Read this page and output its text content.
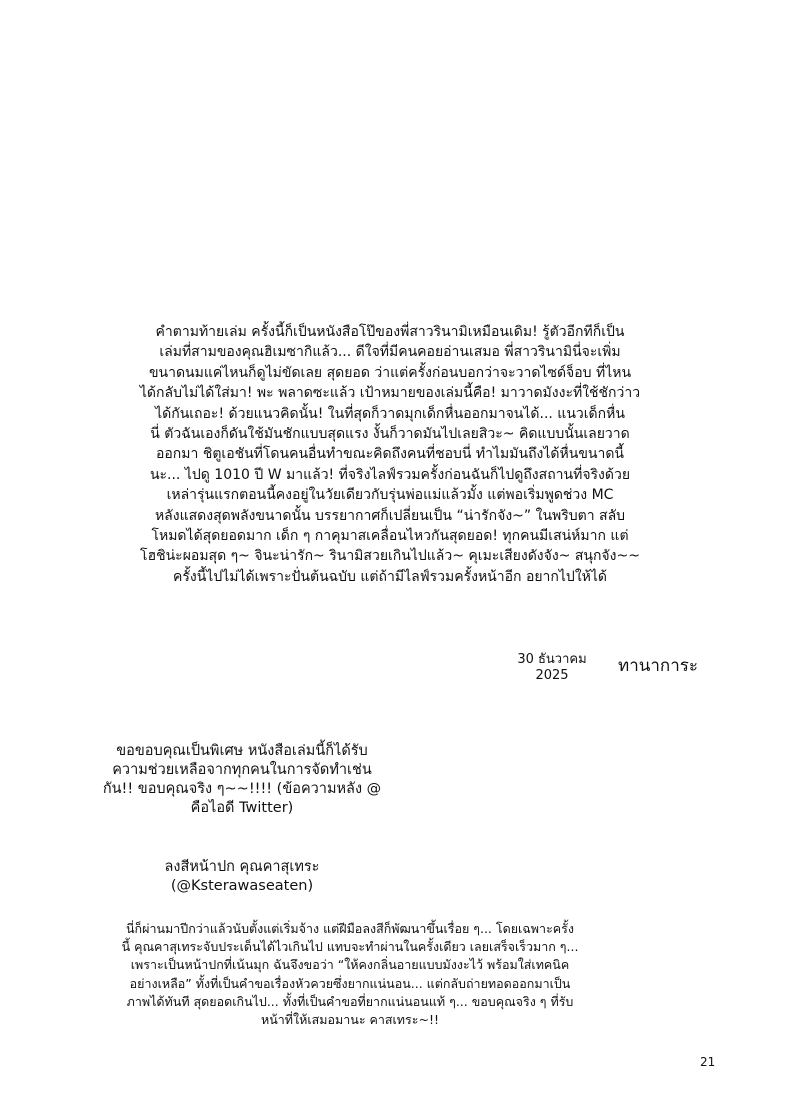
คำตามท้ายเล่ม ครั้งนี้ก็เป็นหนังสือโป๊ของพี่สาวรินามิเหมือนเดิม! รู้ตัวอีกทีก็เป็น
เล่มที่สามของคุณฮิเมซากิแล้ว... ดีใจที่มีคนคอยอ่านเสมอ พี่สาวรินามินี่จะเพิ่ม
ขนาดนมแค่ไหนก็ดูไม่ขัดเลย สุดยอด ว่าแต่ครั้งก่อนบอกว่าจะวาดไซด์จ็อบ ที่ไหน
ได้กลับไม่ได้ใส่มา! พะ พลาดซะแล้ว เป้าหมายของเล่มนี้คือ! มาวาดมังงะที่ใช้ชักว่าว
ได้กันเถอะ! ด้วยแนวคิดนั้น! ในที่สุดก็วาดมุกเด็กหื่นออกมาจนได้... แนวเด็กหื่น
นี่ ตัวฉันเองก็ดันใช้มันชักแบบสุดแรง งั้นก็วาดมันไปเลยสิวะ~ คิดแบบนั้นเลยวาด
ออกมา ชิตูเอชันที่โดนคนอื่นทำขณะคิดถึงคนที่ชอบนี่ ทำไมมันถึงได้หื่นขนาดนี้
นะ... ไปดู 1010 ปี W มาแล้ว! ที่จริงไลฟ์รวมครั้งก่อนฉันก็ไปดูถึงสถานที่จริงด้วย
เหล่ารุ่นแรกตอนนี้คงอยู่ในวัยเดียวกับรุ่นพ่อแม่แล้วมั้ง แต่พอเริ่มพูดช่วง MC
หลังแสดงสุดพลังขนาดนั้น บรรยากาศก็เปลี่ยนเป็น “น่ารักจัง~” ในพริบตา สลับ
โหมดได้สุดยอดมาก เด็ก ๆ กาคุมาสเคลื่อนไหวกันสุดยอด! ทุกคนมีเสน่ห์มาก แต่
โฮชิน่ะผอมสุด ๆ~ จินะน่ารัก~ รินามิสวยเกินไปแล้ว~ คุเมะเสียงดังจัง~ สนุกจัง~~
ครั้งนี้ไปไม่ได้เพราะปั่นต้นฉบับ แต่ถ้ามีไลฟ์รวมครั้งหน้าอีก อยากไปให้ได้
30 ธันวาคม
2025	ทานาการะ
ขอขอบคุณเป็นพิเศษ หนังสือเล่มนี้ก็ได้รับ
ความช่วยเหลือจากทุกคนในการจัดทำเช่น
กัน!! ขอบคุณจริง ๆ~~!!!! (ข้อความหลัง @
คือไอดี Twitter)
ลงสีหน้าปก คุณคาสุเทระ
(@Ksterawaseaten)
นี่ก็ผ่านมาปีกว่าแล้วนับตั้งแต่เริ่มจ้าง แต่ฝีมือลงสีก็พัฒนาขึ้นเรื่อย ๆ... โดยเฉพาะครั้ง
นี้ คุณคาสุเทระจับประเด็นได้ไวเกินไป แทบจะทำผ่านในครั้งเดียว เลยเสร็จเร็วมาก ๆ...
เพราะเป็นหน้าปกที่เน้นมุก ฉันจึงขอว่า “ให้คงกลิ่นอายแบบมังงะไว้ พร้อมใส่เทคนิค
อย่างเหลือ” ทั้งที่เป็นคำขอเรื่องหัวควยซึ่งยากแน่นอน... แต่กลับถ่ายทอดออกมาเป็น
ภาพได้ทันที สุดยอดเกินไป... ทั้งที่เป็นคำขอที่ยากแน่นอนแท้ ๆ... ขอบคุณจริง ๆ ที่รับ
หน้าที่ให้เสมอมานะ คาสเทระ~!!
21
